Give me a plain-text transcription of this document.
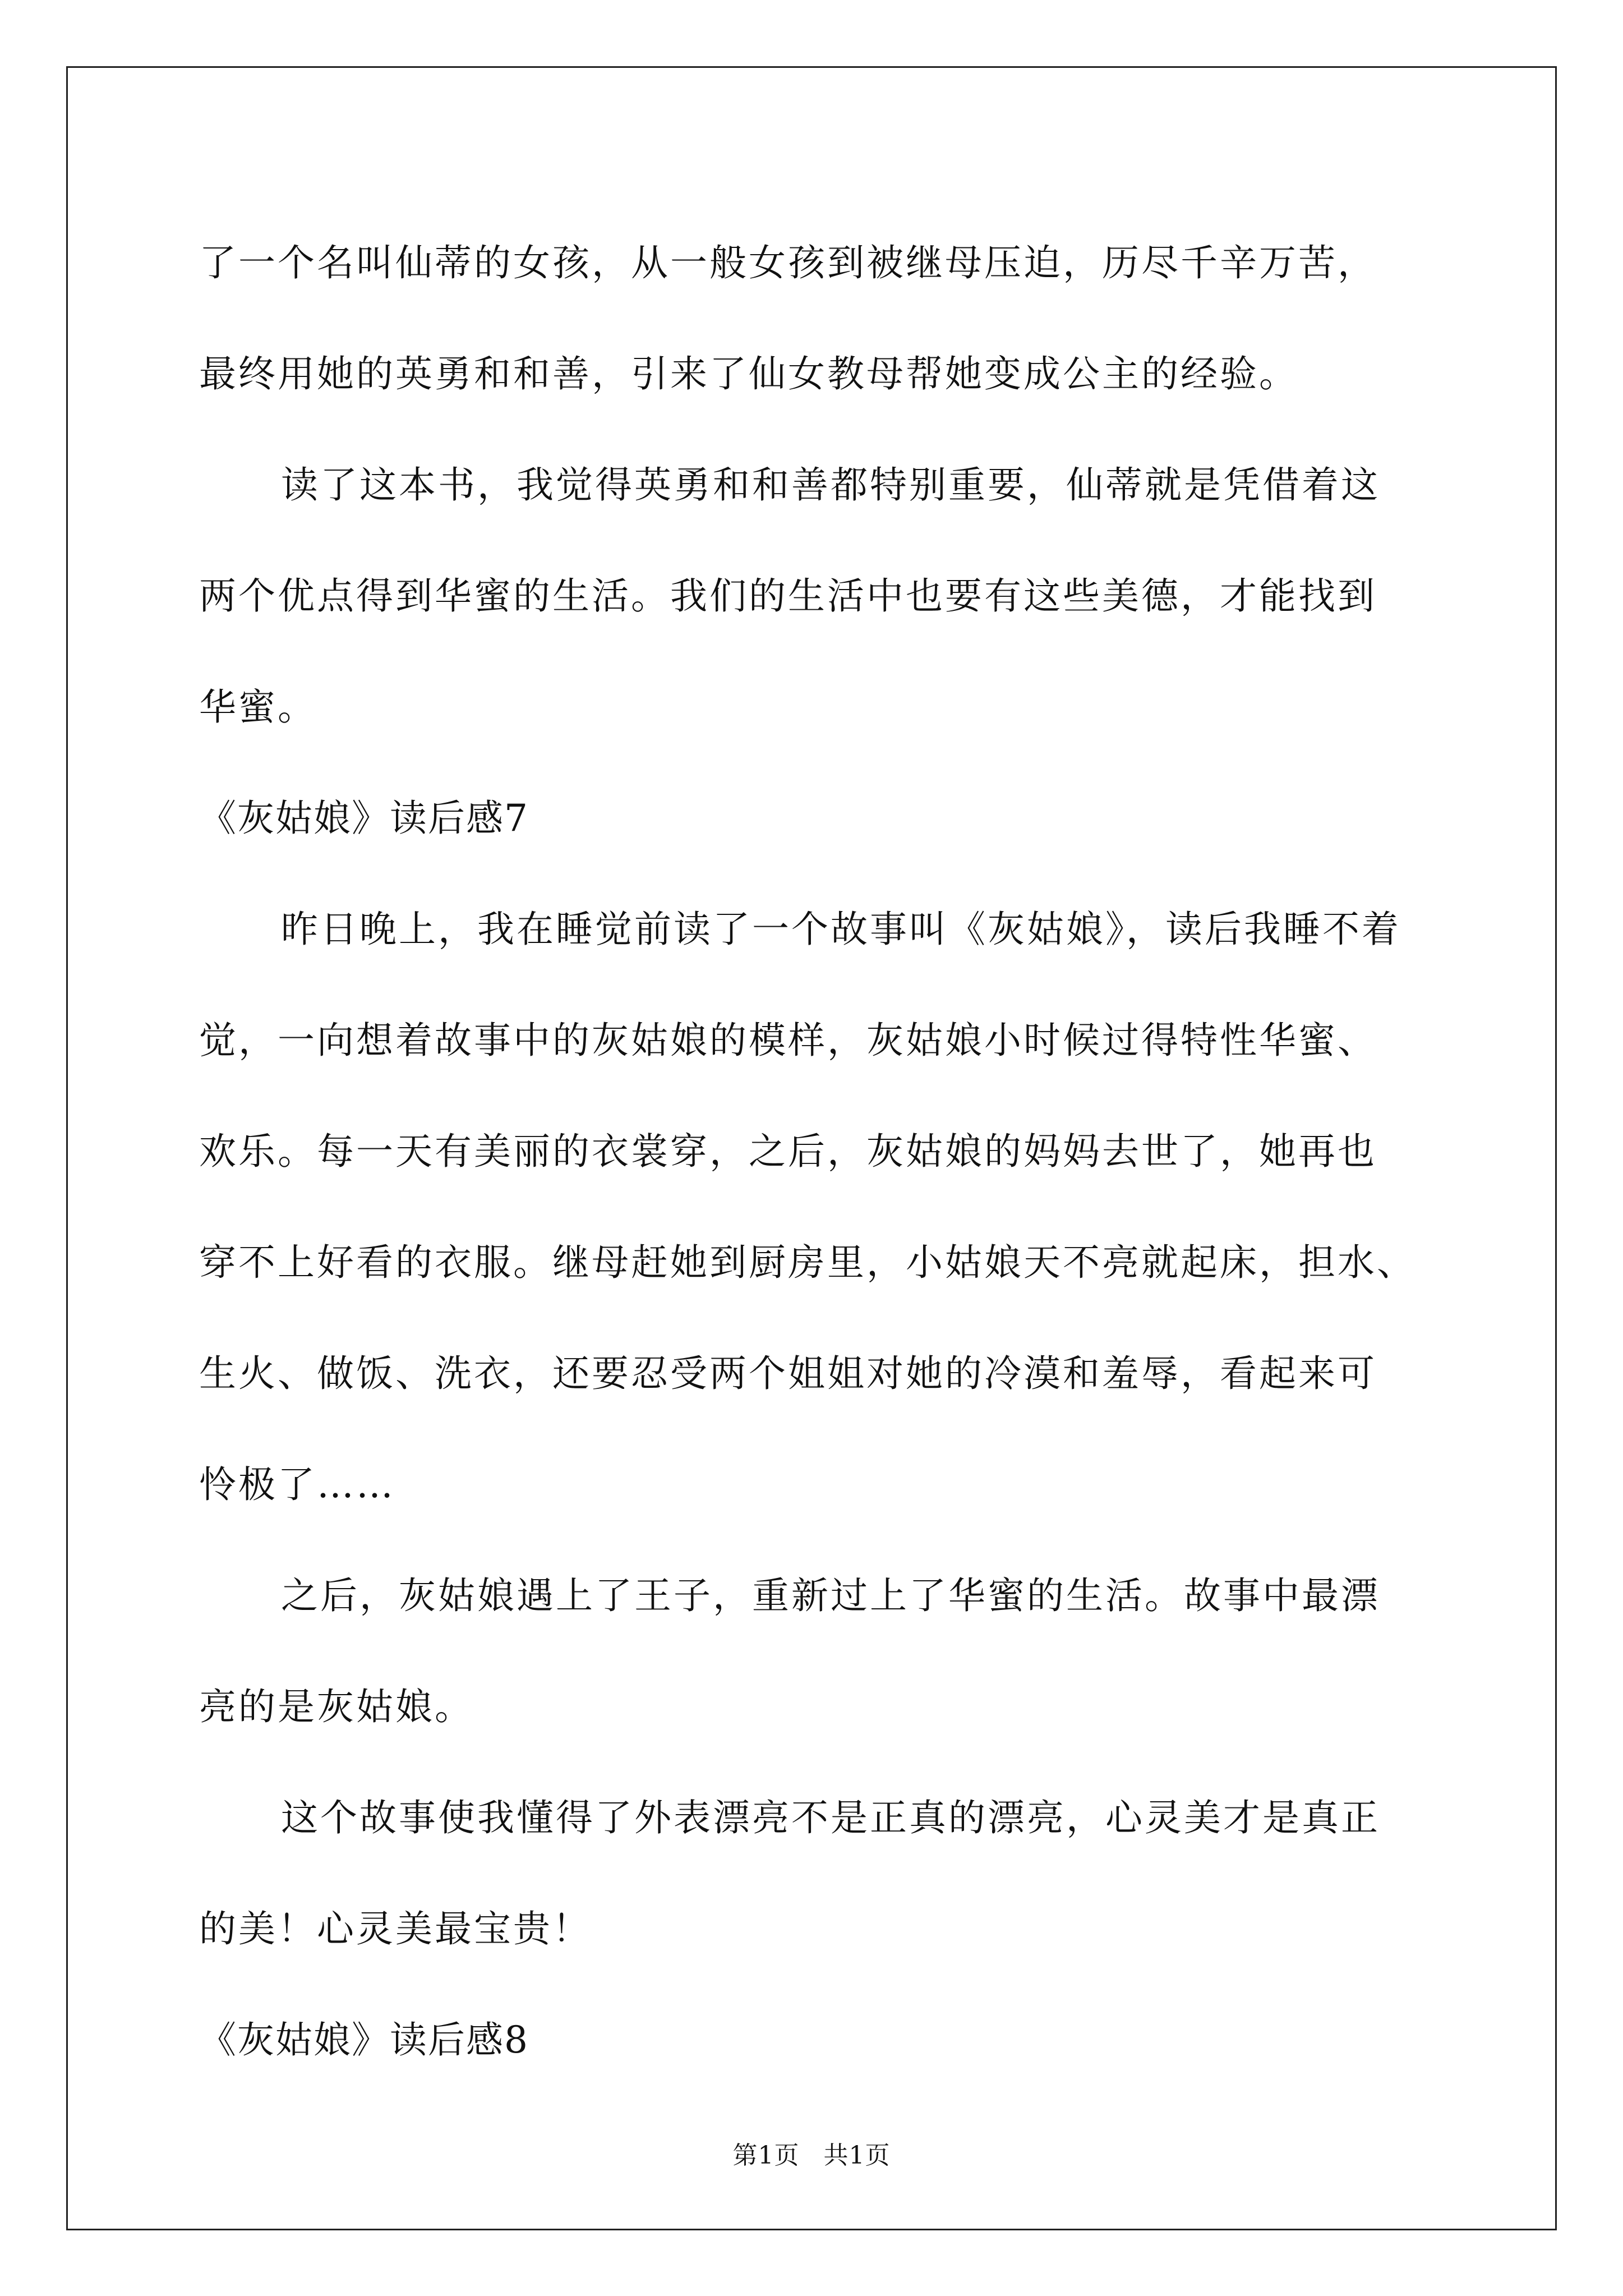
了一个名叫仙蒂的女孩，从一般女孩到被继母压迫，历尽千辛万苦，
最终用她的英勇和和善，引来了仙女教母帮她变成公主的经验。
读了这本书，我觉得英勇和和善都特别重要，仙蒂就是凭借着这
两个优点得到华蜜的生活。我们的生活中也要有这些美德，才能找到
华蜜。
《灰姑娘》读后感7
昨日晚上，我在睡觉前读了一个故事叫《灰姑娘》，读后我睡不着
觉，一向想着故事中的灰姑娘的模样，灰姑娘小时候过得特性华蜜、
欢乐。每一天有美丽的衣裳穿，之后，灰姑娘的妈妈去世了，她再也
穿不上好看的衣服。继母赶她到厨房里，小姑娘天不亮就起床，担水、
生火、做饭、洗衣，还要忍受两个姐姐对她的冷漠和羞辱，看起来可
怜极了……
之后，灰姑娘遇上了王子，重新过上了华蜜的生活。故事中最漂
亮的是灰姑娘。
这个故事使我懂得了外表漂亮不是正真的漂亮，心灵美才是真正
的美！心灵美最宝贵！
《灰姑娘》读后感8
第1页 共1页
